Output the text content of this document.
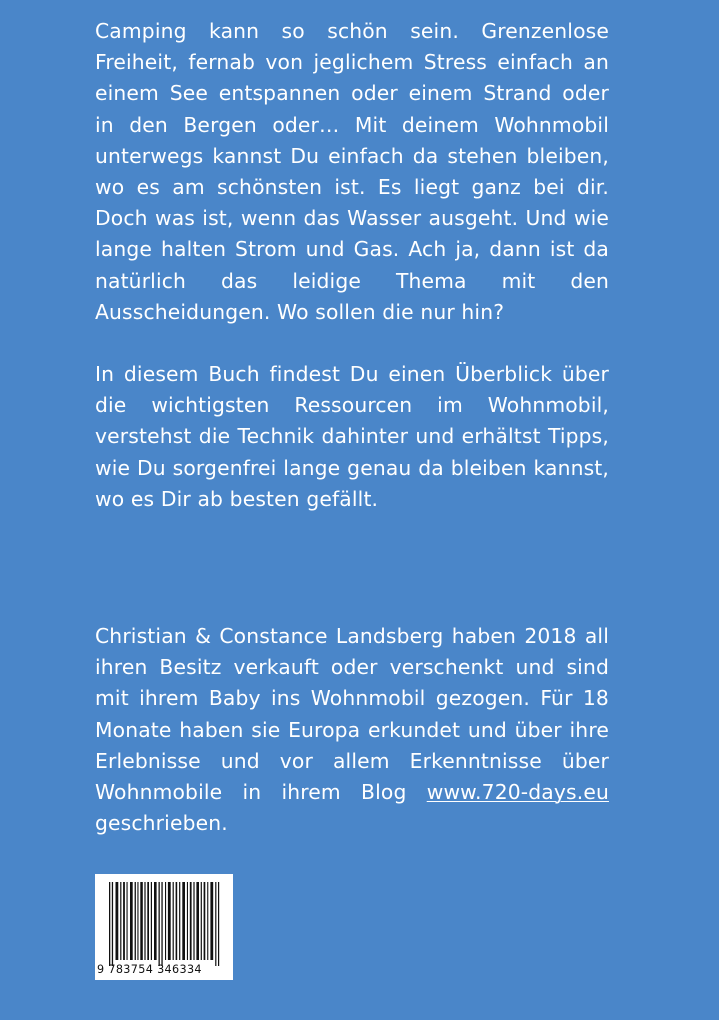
Camping kann so schön sein. Grenzenlose Freiheit, fernab von jeglichem Stress einfach an einem See entspannen oder einem Strand oder in den Bergen oder… Mit deinem Wohnmobil unterwegs kannst Du einfach da stehen bleiben, wo es am schönsten ist. Es liegt ganz bei dir. Doch was ist, wenn das Wasser ausgeht. Und wie lange halten Strom und Gas. Ach ja, dann ist da natürlich das leidige Thema mit den Ausscheidungen. Wo sollen die nur hin?

In diesem Buch findest Du einen Überblick über die wichtigsten Ressourcen im Wohnmobil, verstehst die Technik dahinter und erhältst Tipps, wie Du sorgenfrei lange genau da bleiben kannst, wo es Dir ab besten gefällt.

Christian & Constance Landsberg haben 2018 all ihren Besitz verkauft oder verschenkt und sind mit ihrem Baby ins Wohnmobil gezogen. Für 18 Monate haben sie Europa erkundet und über ihre Erlebnisse und vor allem Erkenntnisse über Wohnmobile in ihrem Blog www.720-days.eu geschrieben.

9 783754 346334
